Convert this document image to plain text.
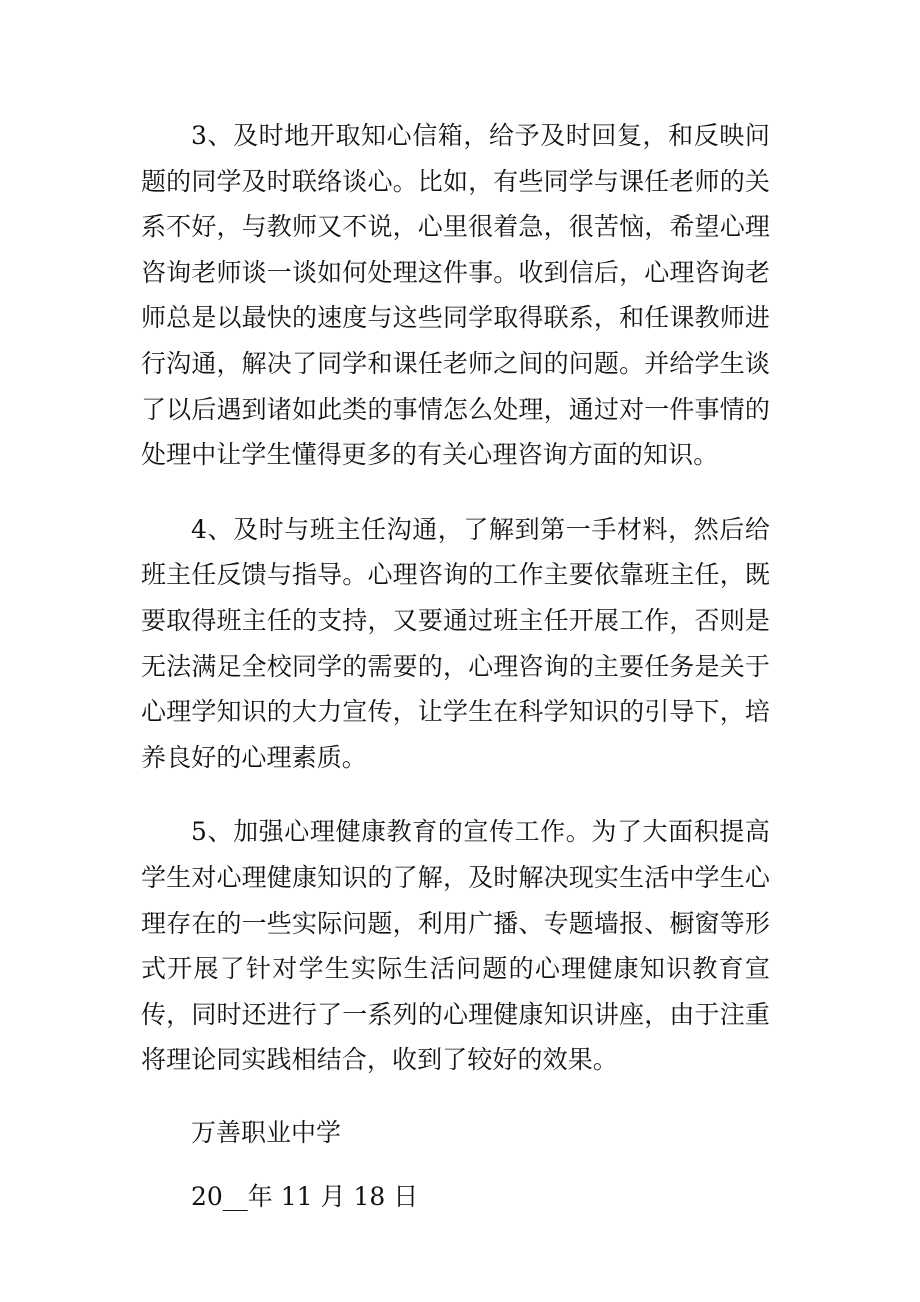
3、及时地开取知心信箱，给予及时回复，和反映问题的同学及时联络谈心。比如，有些同学与课任老师的关系不好，与教师又不说，心里很着急，很苦恼，希望心理咨询老师谈一谈如何处理这件事。收到信后，心理咨询老师总是以最快的速度与这些同学取得联系，和任课教师进行沟通，解决了同学和课任老师之间的问题。并给学生谈了以后遇到诸如此类的事情怎么处理，通过对一件事情的处理中让学生懂得更多的有关心理咨询方面的知识。

4、及时与班主任沟通，了解到第一手材料，然后给班主任反馈与指导。心理咨询的工作主要依靠班主任，既要取得班主任的支持，又要通过班主任开展工作，否则是无法满足全校同学的需要的，心理咨询的主要任务是关于心理学知识的大力宣传，让学生在科学知识的引导下，培养良好的心理素质。

5、加强心理健康教育的宣传工作。为了大面积提高学生对心理健康知识的了解，及时解决现实生活中学生心理存在的一些实际问题，利用广播、专题墙报、橱窗等形式开展了针对学生实际生活问题的心理健康知识教育宣传，同时还进行了一系列的心理健康知识讲座，由于注重将理论同实践相结合，收到了较好的效果。

万善职业中学

20__年 11 月 18 日
